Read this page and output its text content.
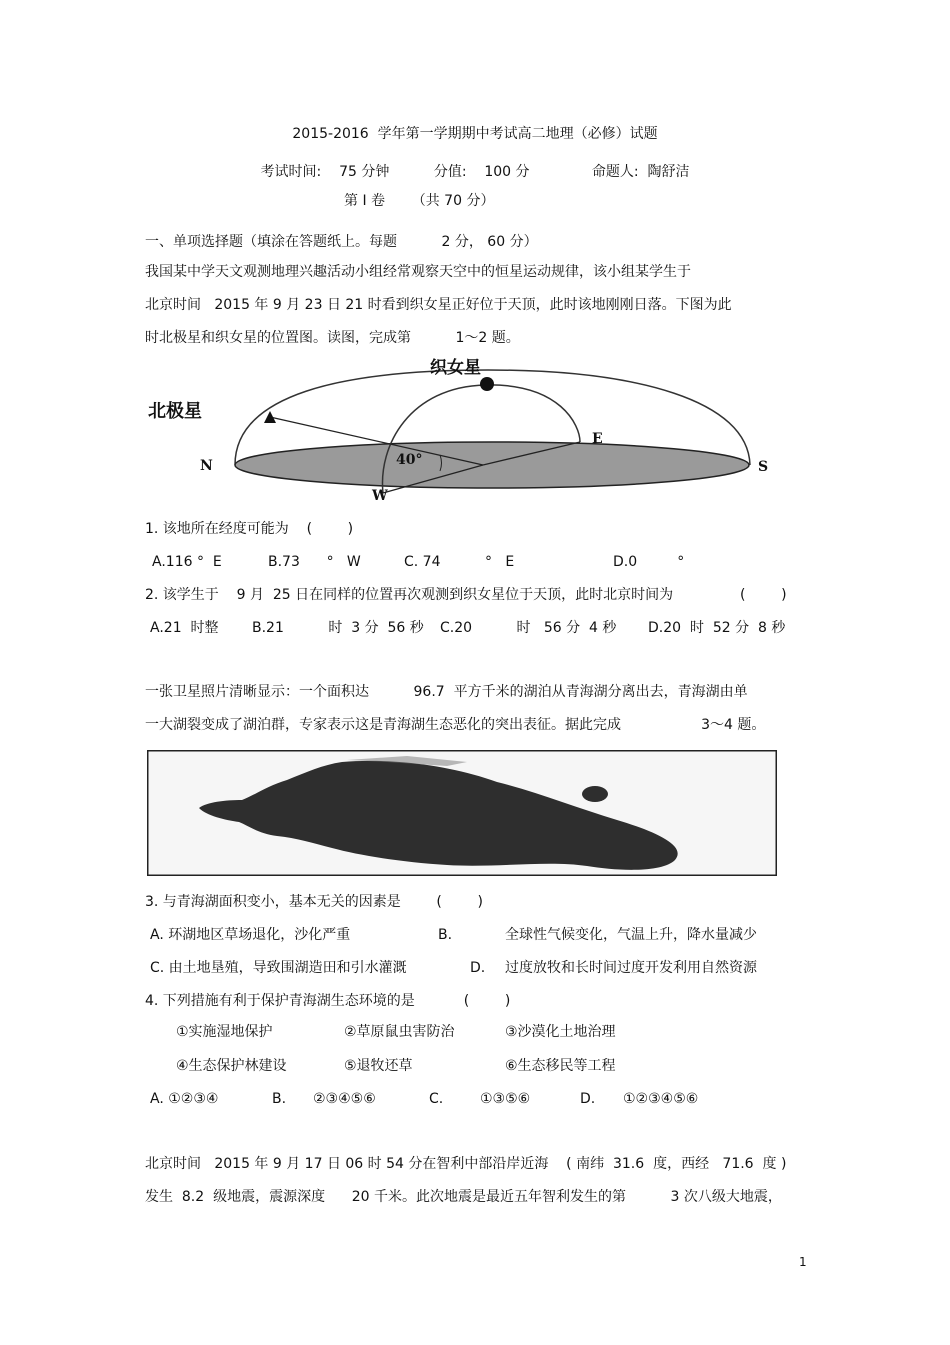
2015-2016  学年第一学期期中考试高二地理（必修）试题
考试时间:    75 分钟          分值:    100 分              命题人:  陶舒洁
第 I 卷      （共 70 分）
一、单项选择题（填涂在答题纸上。每题          2 分， 60 分）
我国某中学天文观测地理兴趣活动小组经常观察天空中的恒星运动规律，该小组某学生于
北京时间   2015 年 9 月 23 日 21 时看到织女星正好位于天顶，此时该地刚刚日落。下图为此
时北极星和织女星的位置图。读图，完成第          1～2 题。
织女星
北极星
N	S
E
W
40°
1. 该地所在经度可能为    (        )
A.116 °  E	B.73      °   W	C. 74          °   E	D.0         °
2. 该学生于    9 月  25 日在同样的位置再次观测到织女星位于天顶，此时北京时间为	(        )
A.21  时整 B.21          时  3 分  56 秒 C.20          时   56 分  4 秒 D.20  时  52 分  8 秒
一张卫星照片清晰显示：一个面积达          96.7  平方千米的湖泊从青海湖分离出去，青海湖由单
一大湖裂变成了湖泊群，专家表示这是青海湖生态恶化的突出表征。据此完成                  3～4 题。
3. 与青海湖面积变小，基本无关的因素是        (        )
A. 环湖地区草场退化，沙化严重	B.	全球性气候变化，气温上升，降水量减少
C. 由土地垦殖，导致围湖造田和引水灌溉	D. 过度放牧和长时间过度开发利用自然资源
4. 下列措施有利于保护青海湖生态环境的是           (        )
①实施湿地保护	②草原鼠虫害防治	③沙漠化土地治理
④生态保护林建设	⑤退牧还草	⑥生态移民等工程
A. ①②③④	B. ②③④⑤⑥	C.	①③⑤⑥	D. ①②③④⑤⑥
北京时间   2015 年 9 月 17 日 06 时 54 分在智利中部沿岸近海    ( 南纬  31.6  度，西经   71.6  度 )
发生  8.2  级地震，震源深度      20 千米。此次地震是最近五年智利发生的第          3 次八级大地震，
1
